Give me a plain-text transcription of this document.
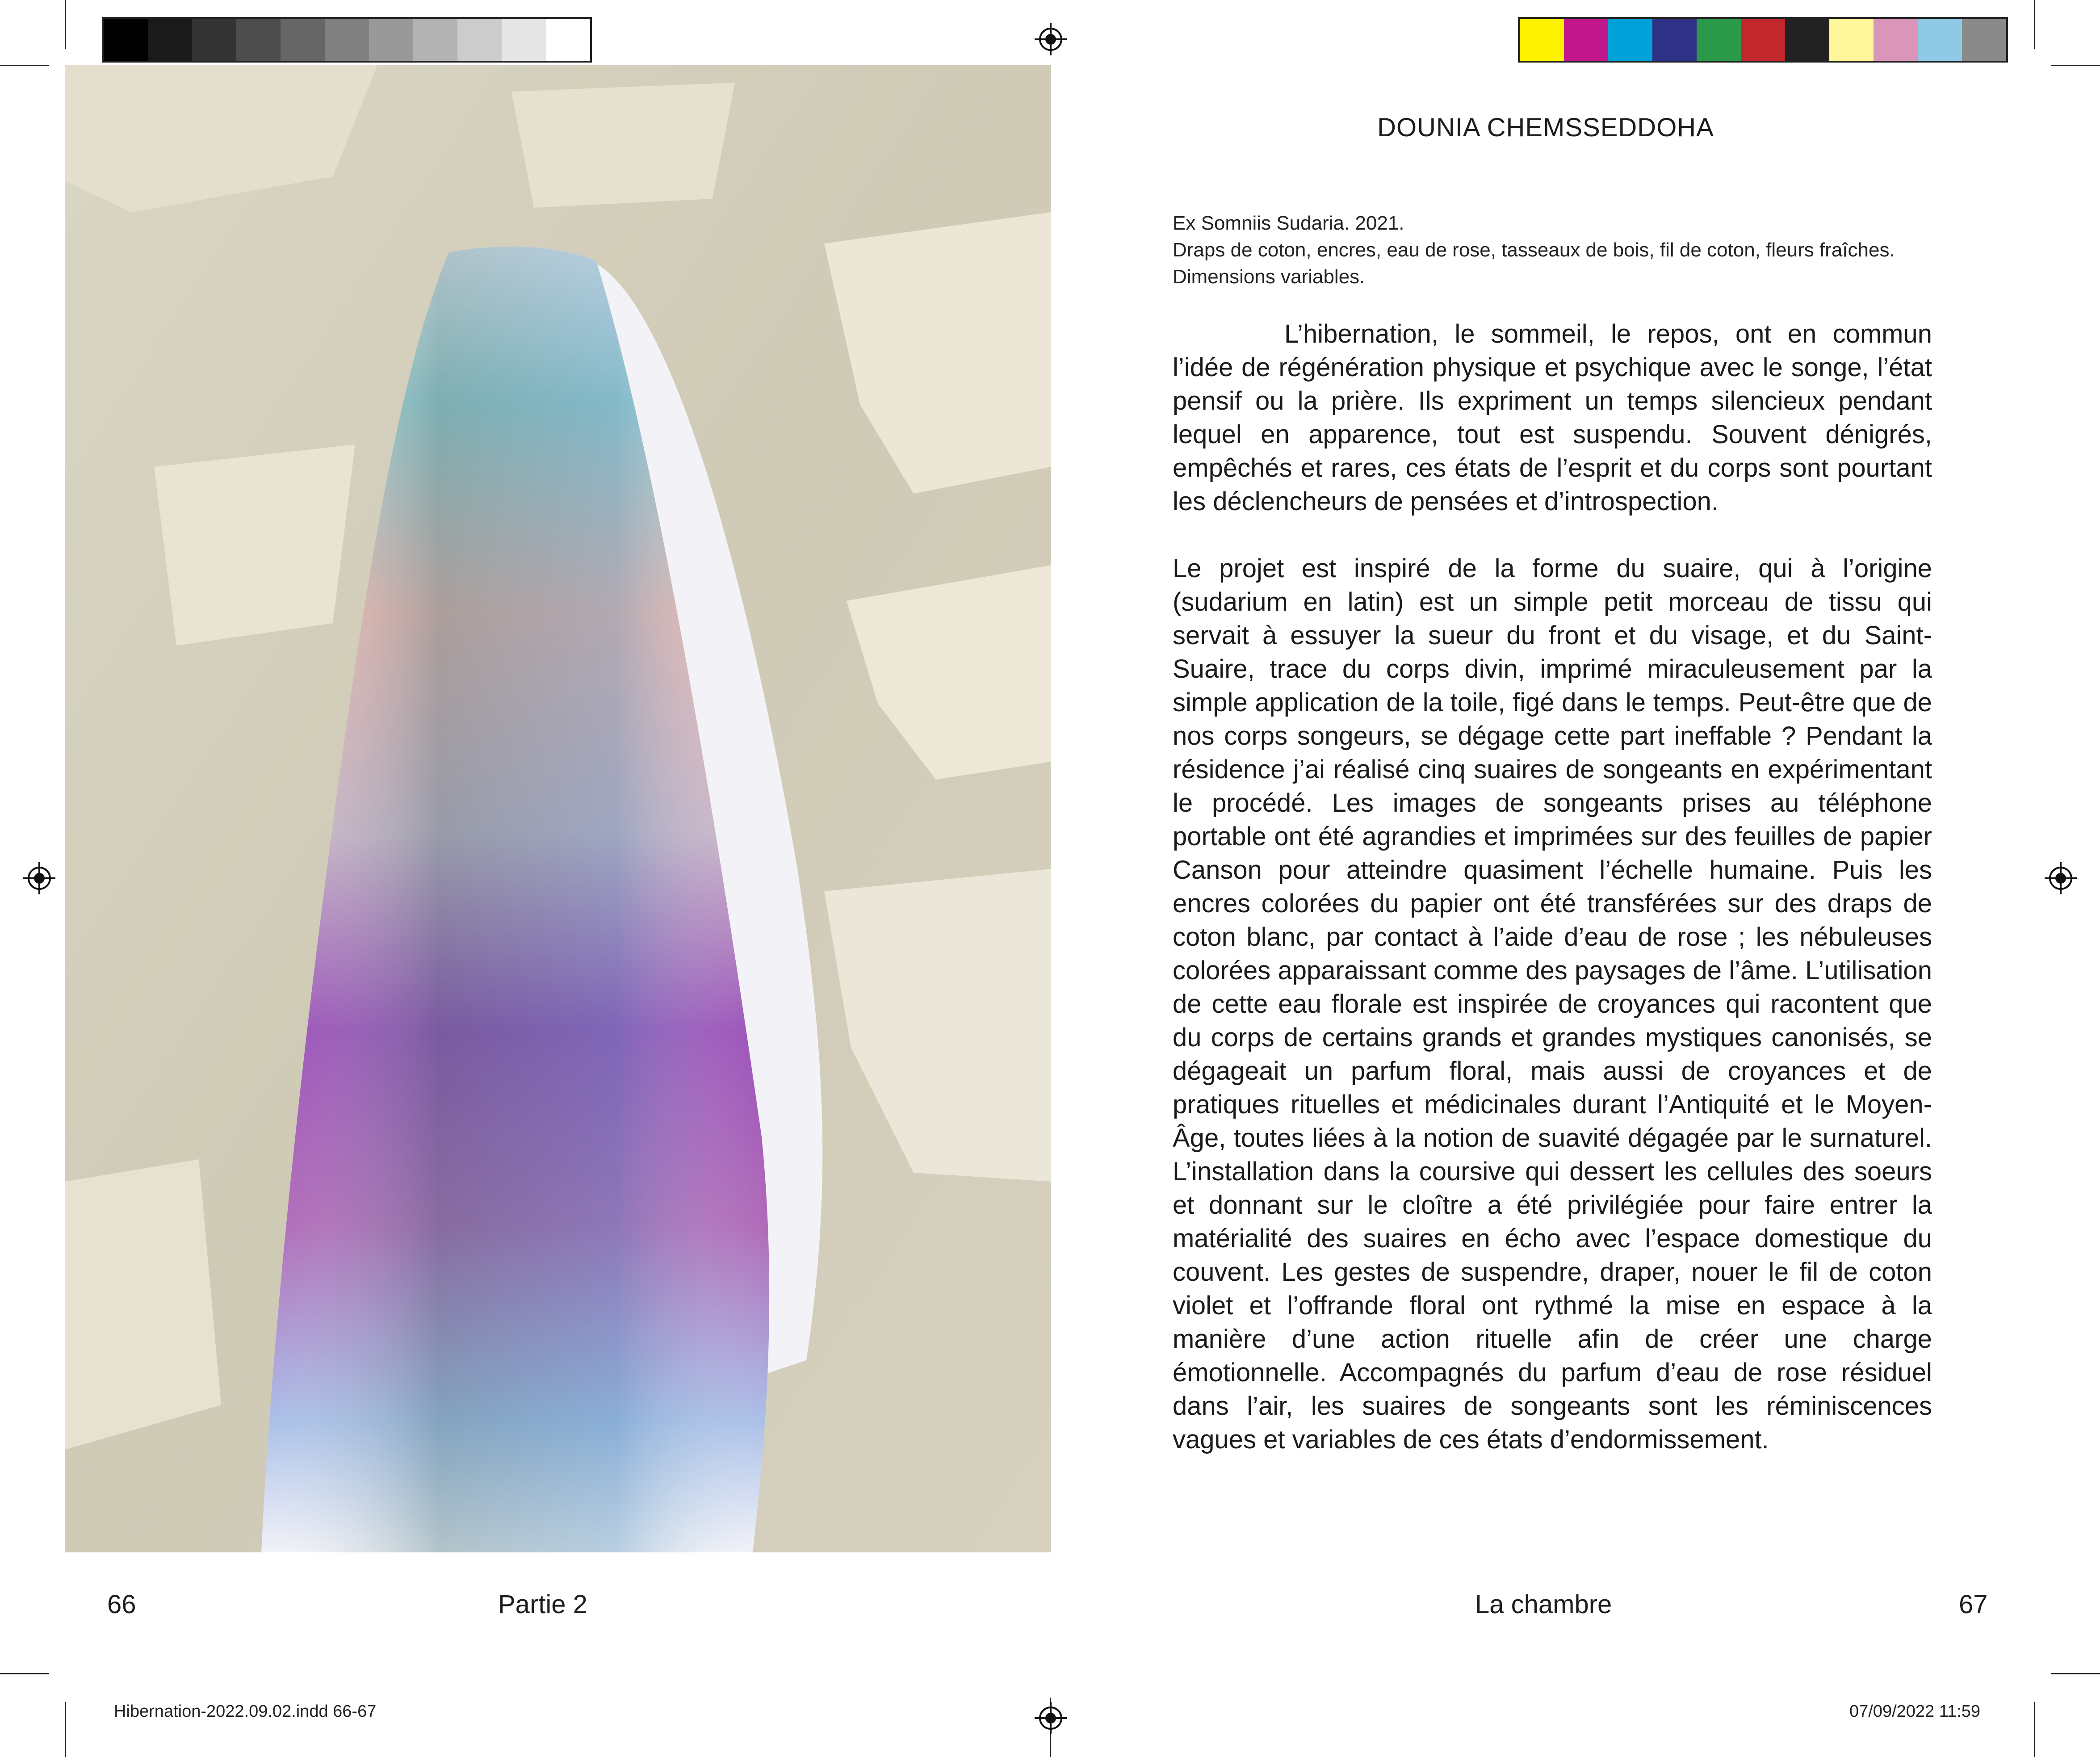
66	Partie 2
DOUNIA CHEMSSEDDOHA

Ex Somniis Sudaria. 2021.

Draps de coton, encres, eau de rose, tasseaux de bois, fil de coton, fleurs fraîches. Dimensions variables.

L’hibernation, le sommeil, le repos, ont en commun l’idée de régénération physique et psychique avec le songe, l’état pensif ou la prière. Ils expriment un temps silencieux pendant lequel en apparence, tout est suspendu. Souvent dénigrés, empêchés et rares, ces états de l’esprit et du corps sont pourtant les déclencheurs de pensées et d’introspection.

Le projet est inspiré de la forme du suaire, qui à l’origine (sudarium en latin) est un simple petit morceau de tissu qui servait à essuyer la sueur du front et du visage, et du Saint-Suaire, trace du corps divin, imprimé miraculeusement par la simple application de la toile, figé dans le temps. Peut-être que de nos corps songeurs, se dégage cette part ineffable ? Pendant la résidence j’ai réalisé cinq suaires de songeants en expérimentant le procédé. Les images de songeants prises au téléphone portable ont été agrandies et imprimées sur des feuilles de papier Canson pour atteindre quasiment l’échelle humaine. Puis les encres colorées du papier ont été transférées sur des draps de coton blanc, par contact à l’aide d’eau de rose ; les nébuleuses colorées apparaissant comme des paysages de l’âme. L’utilisation de cette eau florale est inspirée de croyances qui racontent que du corps de certains grands et grandes mystiques canonisés, se dégageait un parfum floral, mais aussi de croyances et de pratiques rituelles et médicinales durant l’Antiquité et le Moyen-Âge, toutes liées à la notion de suavité dégagée par le surnaturel. L’installation dans la coursive qui dessert les cellules des soeurs et donnant sur le cloître a été privilégiée pour faire entrer la matérialité des suaires en écho avec l’espace domestique du couvent. Les gestes de suspendre, draper, nouer le fil de coton violet et l’offrande floral ont rythmé la mise en espace à la manière d’une action rituelle afin de créer une charge émotionnelle. Accompagnés du parfum d’eau de rose résiduel dans l’air, les suaires de songeants sont les réminiscences vagues et variables de ces états d’endormissement.

La chambre	67
Hibernation-2022.09.02.indd 66-67	07/09/2022 11:59
